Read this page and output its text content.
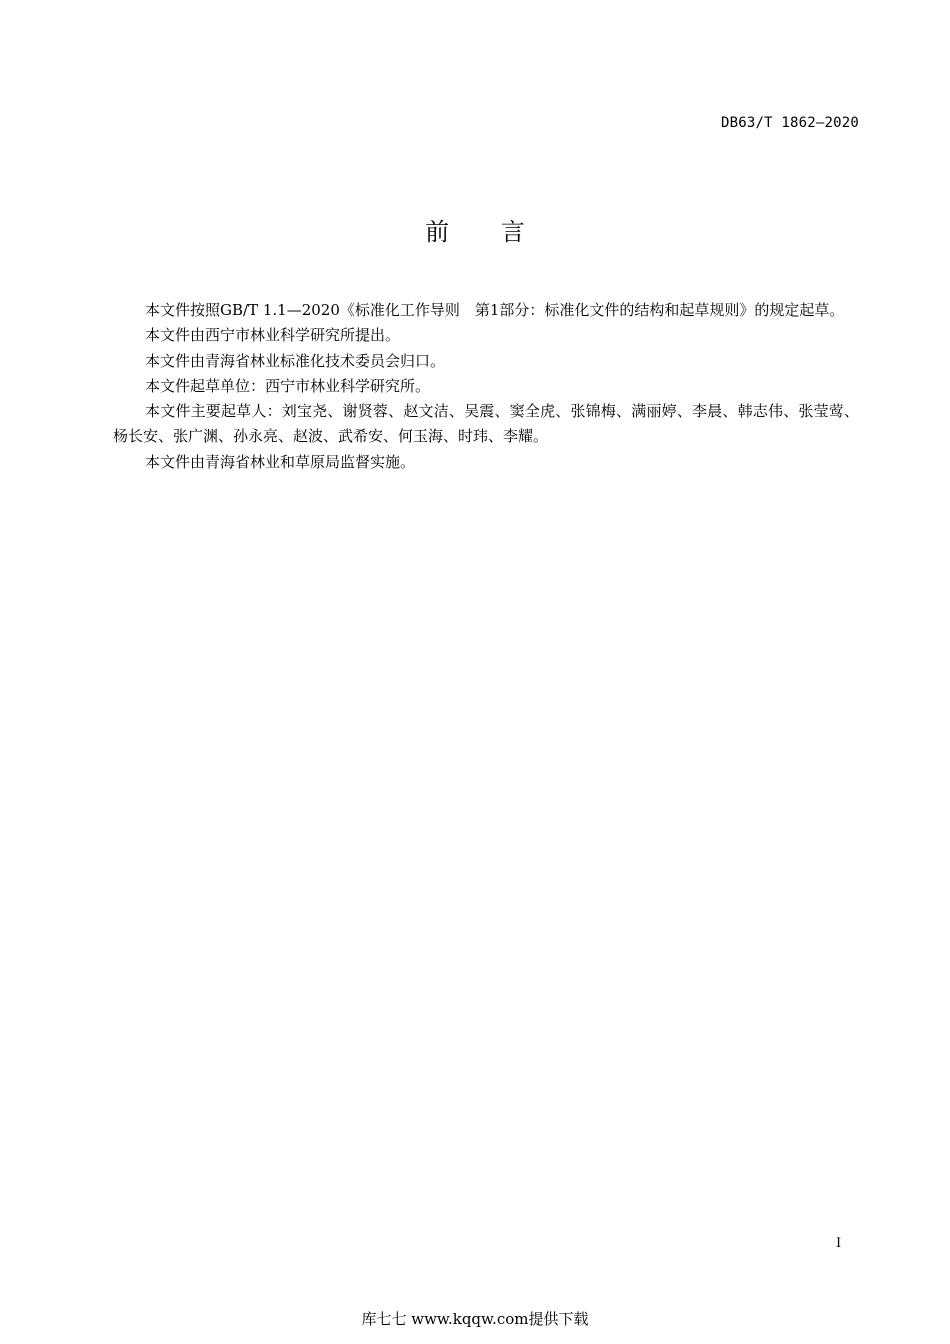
DB63/T 1862—2020
前 言

本文件按照GB/T 1.1—2020《标准化工作导则　第1部分：标准化文件的结构和起草规则》的规定起草。

本文件由西宁市林业科学研究所提出。

本文件由青海省林业标准化技术委员会归口。

本文件起草单位：西宁市林业科学研究所。

本文件主要起草人：刘宝尧、谢贤蓉、赵文洁、吴震、窦全虎、张锦梅、满丽婷、李晨、韩志伟、张莹莺、杨长安、张广渊、孙永亮、赵波、武希安、何玉海、时玮、李耀。

本文件由青海省林业和草原局监督实施。

I
库七七 www.kqqw.com提供下载
